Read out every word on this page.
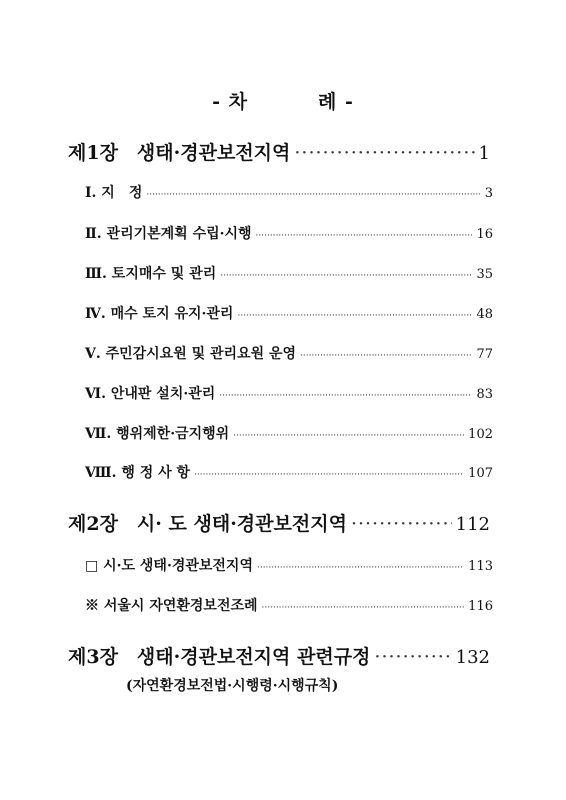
- 차	례 -
제1장　생태·경관보전지역 ·····	1
Ⅰ. 지　정 ·····	3
Ⅱ. 관리기본계획 수립·시행 ·····	16
Ⅲ. 토지매수 및 관리 ·····	35
Ⅳ. 매수 토지 유지·관리 ·····	48
Ⅴ. 주민감시요원 및 관리요원 운영 ·····	77
Ⅵ. 안내판 설치·관리 ·····	83
Ⅶ. 행위제한·금지행위 ·····	102
Ⅷ. 행 정 사 항 ·····	107
제2장　시· 도 생태·경관보전지역 ·····	112
□ 시·도 생태·경관보전지역 ·····	113
※ 서울시 자연환경보전조례 ·····	116
제3장　생태·경관보전지역 관련규정 ·····	132
(자연환경보전법·시행령·시행규칙)
